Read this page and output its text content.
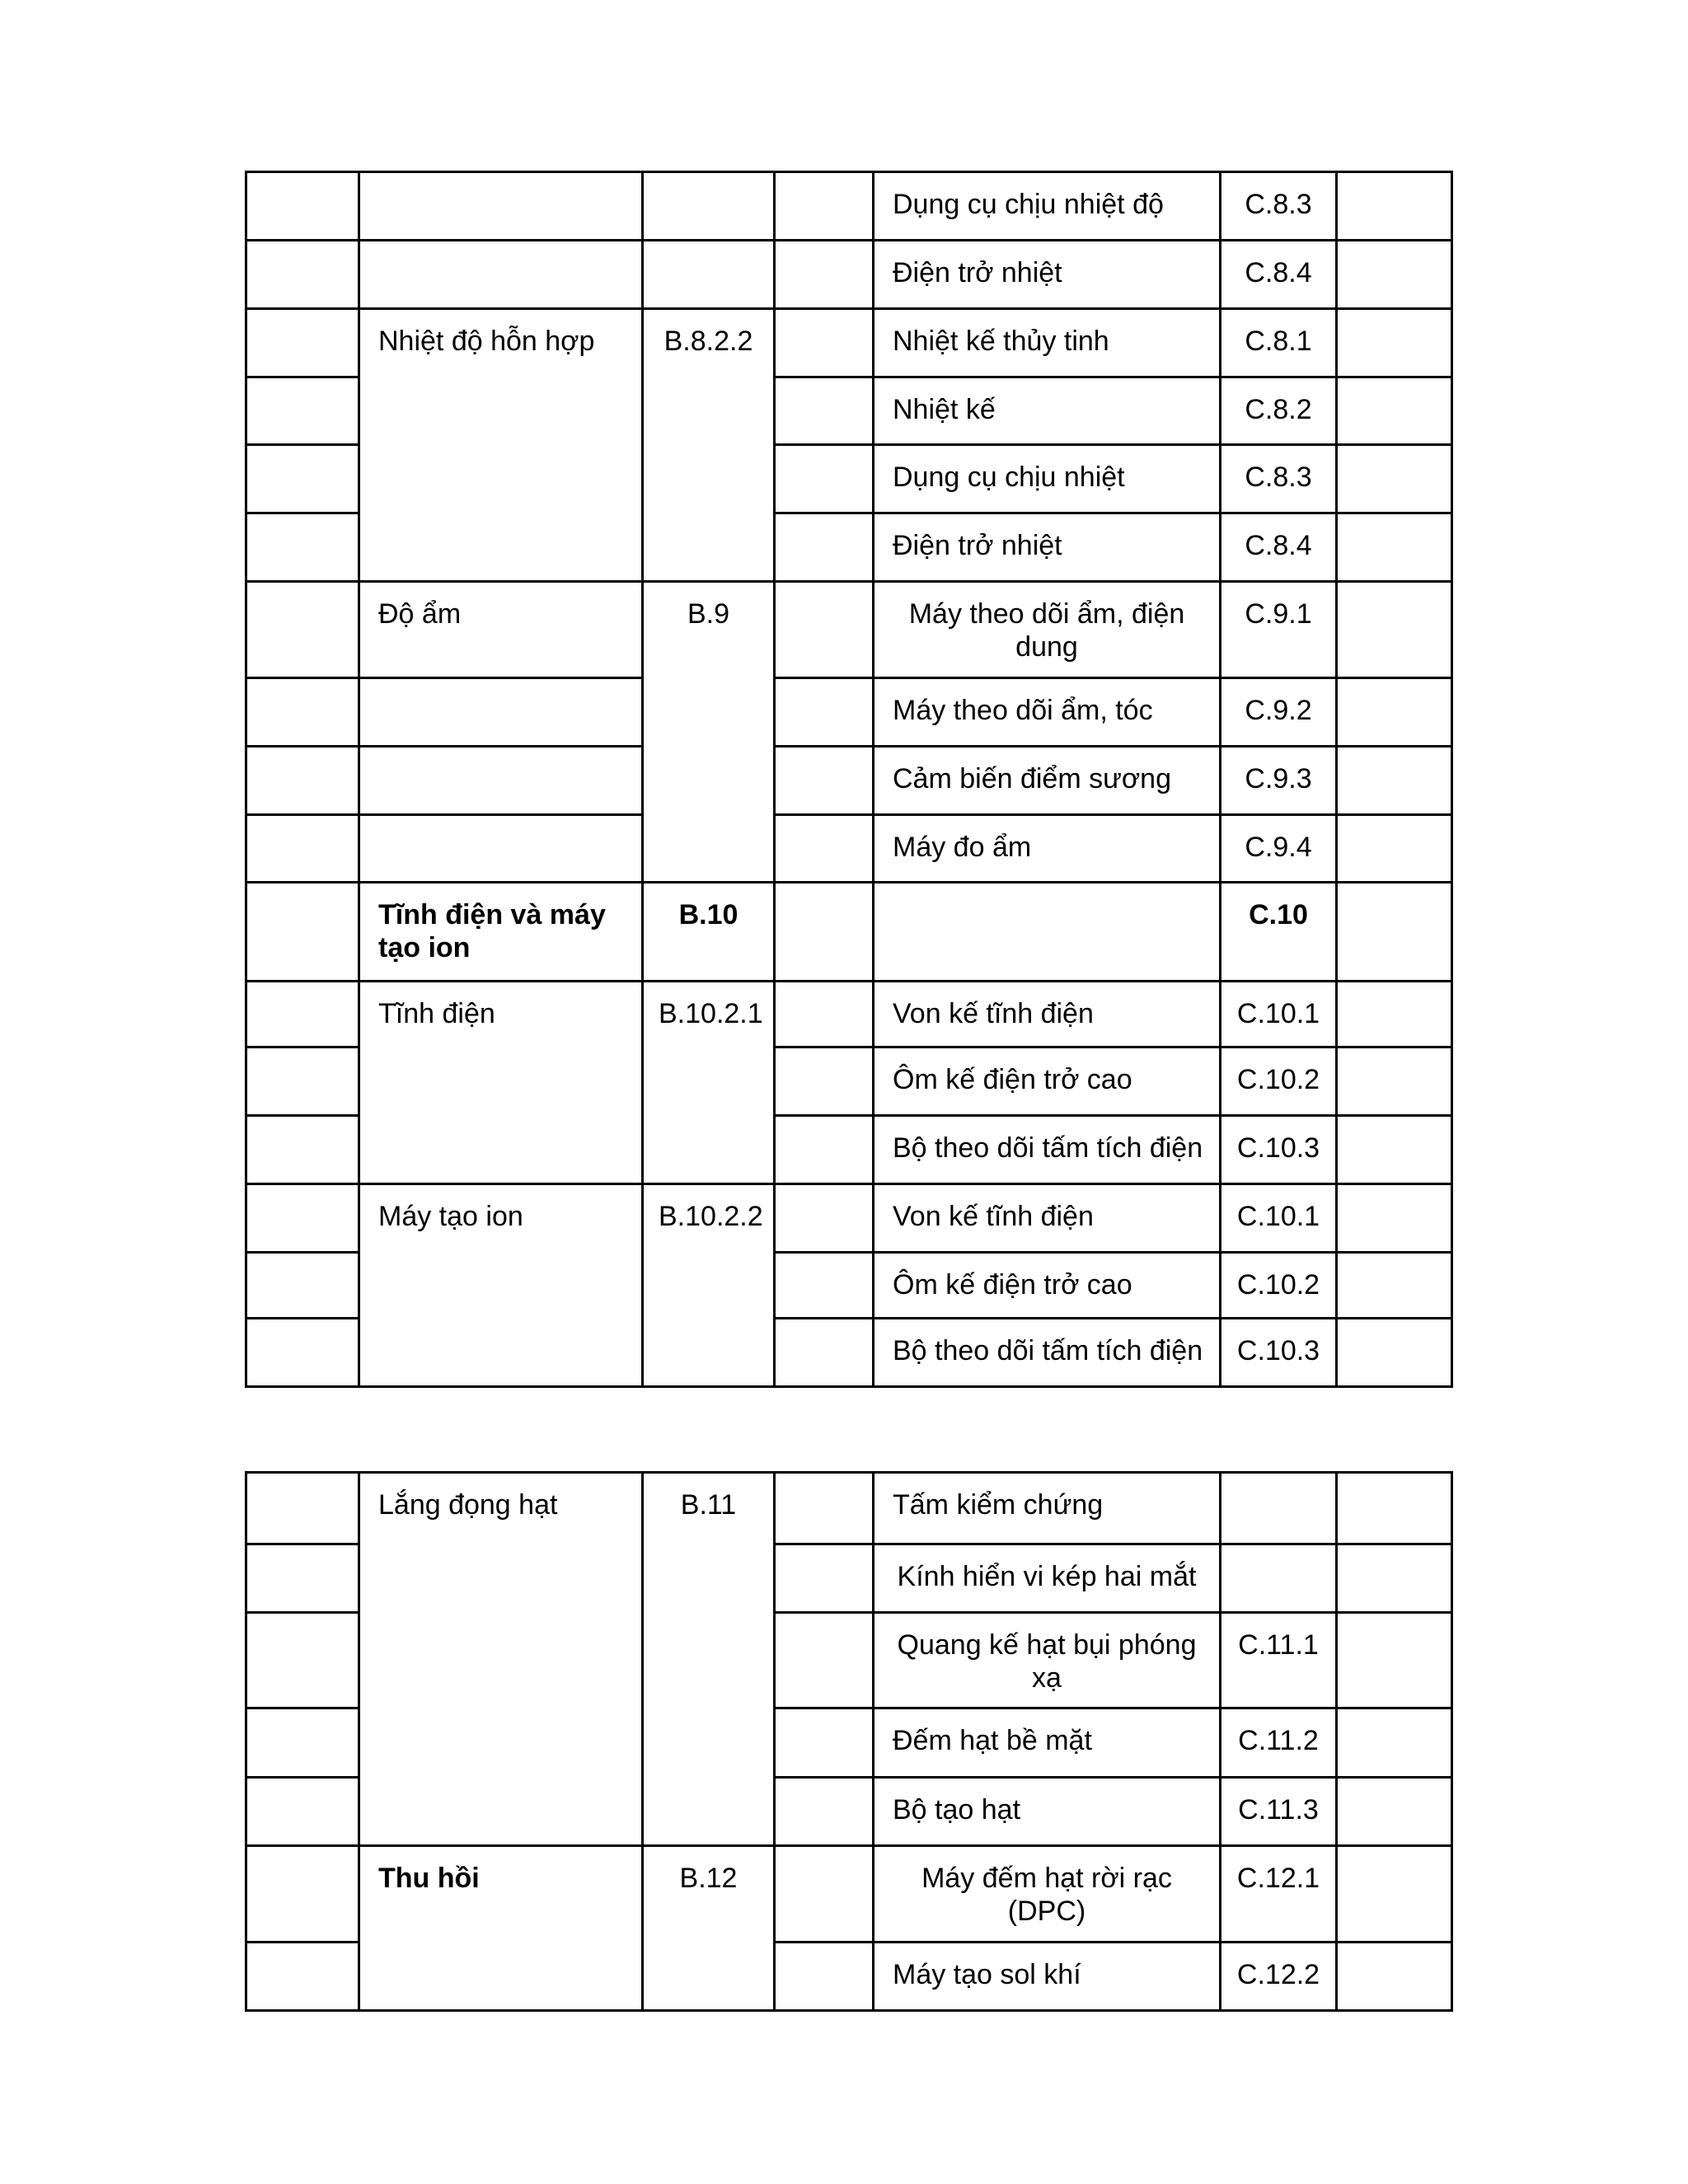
				Dụng cụ chịu nhiệt độ	C.8.3	
				Điện trở nhiệt	C.8.4	
	Nhiệt độ hỗn hợp	B.8.2.2		Nhiệt kế thủy tinh	C.8.1	
				Nhiệt kế	C.8.2	
				Dụng cụ chịu nhiệt	C.8.3	
				Điện trở nhiệt	C.8.4	
	Độ ẩm	B.9		Máy theo dõi ẩm, điện dung	C.9.1	
				Máy theo dõi ẩm, tóc	C.9.2	
				Cảm biến điểm sương	C.9.3	
				Máy đo ẩm	C.9.4	
	Tĩnh điện và máy tạo ion	B.10			C.10	
	Tĩnh điện	B.10.2.1		Von kế tĩnh điện	C.10.1	
				Ôm kế điện trở cao	C.10.2	
				Bộ theo dõi tấm tích điện	C.10.3	
	Máy tạo ion	B.10.2.2		Von kế tĩnh điện	C.10.1	
				Ôm kế điện trở cao	C.10.2	
				Bộ theo dõi tấm tích điện	C.10.3	
	Lắng đọng hạt	B.11		Tấm kiểm chứng		
				Kính hiển vi kép hai mắt		
				Quang kế hạt bụi phóng xạ	C.11.1	
				Đếm hạt bề mặt	C.11.2	
				Bộ tạo hạt	C.11.3	
	Thu hồi	B.12		Máy đếm hạt rời rạc (DPC)	C.12.1	
				Máy tạo sol khí	C.12.2	
